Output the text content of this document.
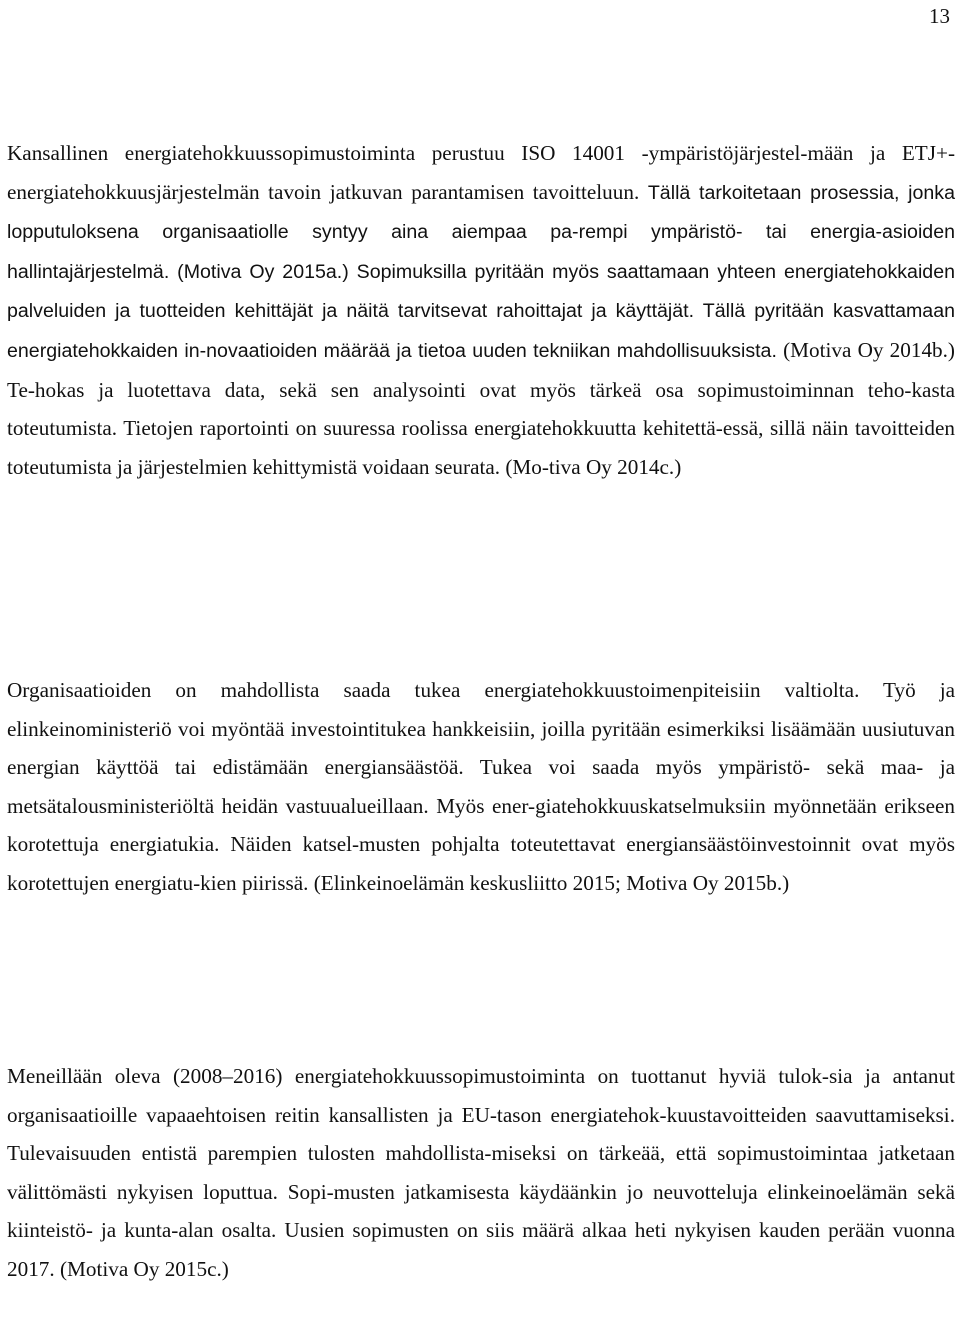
13

Kansallinen energiatehokkuussopimustoiminta perustuu ISO 14001 -ympäristöjärjestel-mään ja ETJ+-energiatehokkuusjärjestelmän tavoin jatkuvan parantamisen tavoitteluun. Tällä tarkoitetaan prosessia, jonka lopputuloksena organisaatiolle syntyy aina aiempaa pa-rempi ympäristö- tai energia-asioiden hallintajärjestelmä. (Motiva Oy 2015a.) Sopimuksilla pyritään myös saattamaan yhteen energiatehokkaiden palveluiden ja tuotteiden kehittäjät ja näitä tarvitsevat rahoittajat ja käyttäjät. Tällä pyritään kasvattamaan energiatehokkaiden in-novaatioiden määrää ja tietoa uuden tekniikan mahdollisuuksista. (Motiva Oy 2014b.) Te-hokas ja luotettava data, sekä sen analysointi ovat myös tärkeä osa sopimustoiminnan teho-kasta toteutumista. Tietojen raportointi on suuressa roolissa energiatehokkuutta kehitettä-essä, sillä näin tavoitteiden toteutumista ja järjestelmien kehittymistä voidaan seurata. (Mo-tiva Oy 2014c.)

Organisaatioiden on mahdollista saada tukea energiatehokkuustoimenpiteisiin valtiolta. Työ ja elinkeinoministeriö voi myöntää investointitukea hankkeisiin, joilla pyritään esimerkiksi lisäämään uusiutuvan energian käyttöä tai edistämään energiansäästöä. Tukea voi saada myös ympäristö- sekä maa- ja metsätalousministeriöltä heidän vastuualueillaan. Myös ener-giatehokkuuskatselmuksiin myönnetään erikseen korotettuja energiatukia. Näiden katsel-musten pohjalta toteutettavat energiansäästöinvestoinnit ovat myös korotettujen energiatu-kien piirissä. (Elinkeinoelämän keskusliitto 2015; Motiva Oy 2015b.)

Meneillään oleva (2008–2016) energiatehokkuussopimustoiminta on tuottanut hyviä tulok-sia ja antanut organisaatioille vapaaehtoisen reitin kansallisten ja EU-tason energiatehok-kuustavoitteiden saavuttamiseksi. Tulevaisuuden entistä parempien tulosten mahdollista-miseksi on tärkeää, että sopimustoimintaa jatketaan välittömästi nykyisen loputtua. Sopi-musten jatkamisesta käydäänkin jo neuvotteluja elinkeinoelämän sekä kiinteistö- ja kunta-alan osalta. Uusien sopimusten on siis määrä alkaa heti nykyisen kauden perään vuonna 2017. (Motiva Oy 2015c.)
